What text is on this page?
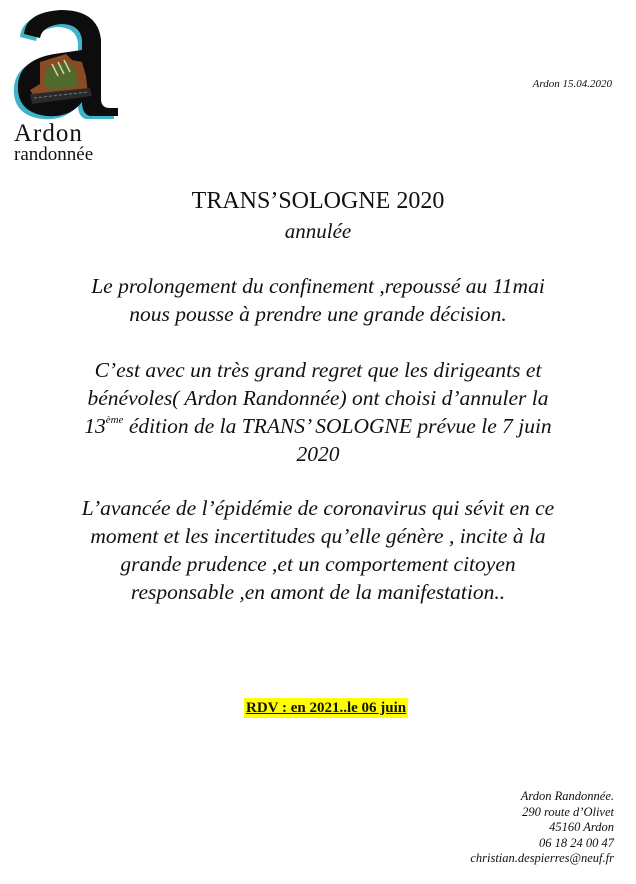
Ardon
randonnée
Ardon 15.04.2020
TRANS’SOLOGNE 2020
annulée
Le prolongement du confinement ,repoussé au 11mai
nous pousse à prendre une grande décision.
C’est avec un très grand regret que les dirigeants et
bénévoles( Ardon Randonnée) ont choisi d’annuler la
13ème édition de la TRANS’ SOLOGNE prévue le 7 juin
2020
L’avancée de l’épidémie de coronavirus qui sévit en ce
moment et les incertitudes qu’elle génère , incite à la
grande prudence ,et un comportement citoyen
responsable ,en amont de la manifestation..
RDV : en 2021..le 06 juin
Ardon Randonnée.
290 route d’Olivet
45160 Ardon
06 18 24 00 47
christian.despierres@neuf.fr
